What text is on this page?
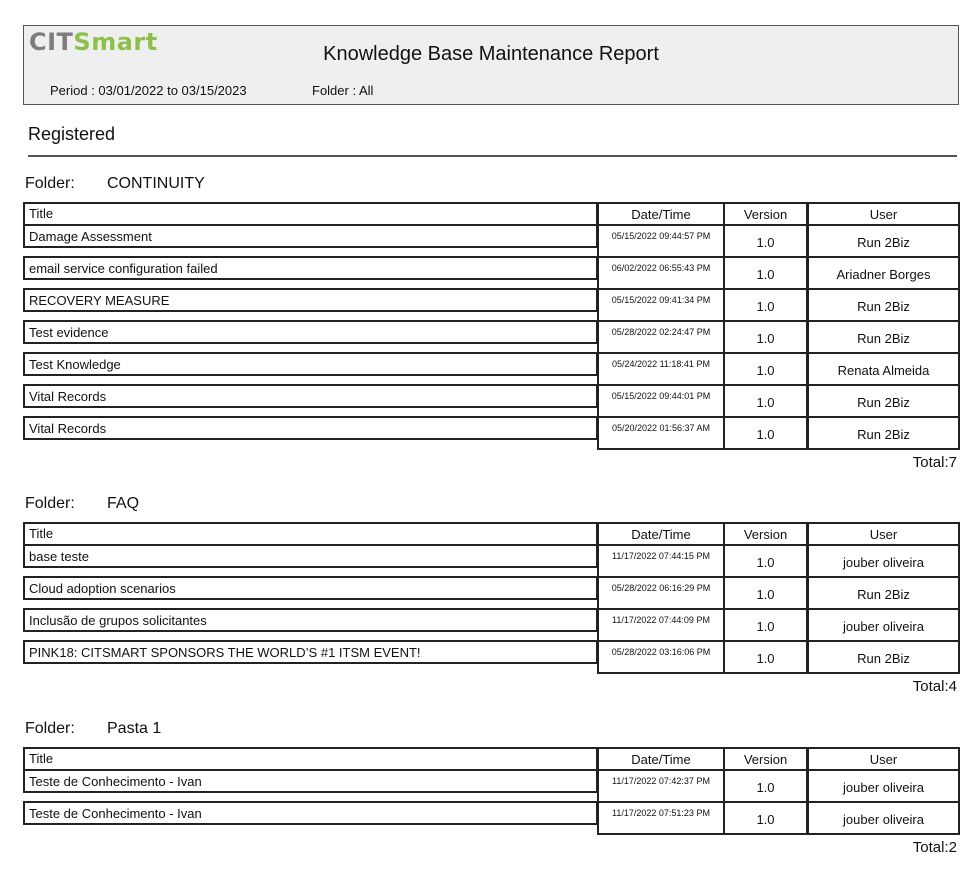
CITSmart	Knowledge Base Maintenance Report
Period : 03/01/2022 to 03/15/2023	Folder : All
Registered
Folder: CONTINUITY
Title	Date/Time	Version	User
Damage Assessment	05/15/2022 09:44:57 PM	1.0	Run 2Biz
email service configuration failed	06/02/2022 06:55:43 PM	1.0	Ariadner Borges
RECOVERY MEASURE	05/15/2022 09:41:34 PM	1.0	Run 2Biz
Test evidence	05/28/2022 02:24:47 PM	1.0	Run 2Biz
Test Knowledge	05/24/2022 11:18:41 PM	1.0	Renata Almeida
Vital Records	05/15/2022 09:44:01 PM	1.0	Run 2Biz
Vital Records	05/20/2022 01:56:37 AM	1.0	Run 2Biz
Total:7
Folder: FAQ
Title	Date/Time	Version	User
base teste	11/17/2022 07:44:15 PM	1.0	jouber oliveira
Cloud adoption scenarios	05/28/2022 06:16:29 PM	1.0	Run 2Biz
Inclusão de grupos solicitantes	11/17/2022 07:44:09 PM	1.0	jouber oliveira
PINK18: CITSMART SPONSORS THE WORLD’S #1 ITSM EVENT!	05/28/2022 03:16:06 PM	1.0	Run 2Biz
Total:4
Folder: Pasta 1
Title	Date/Time	Version	User
Teste de Conhecimento - Ivan	11/17/2022 07:42:37 PM	1.0	jouber oliveira
Teste de Conhecimento - Ivan	11/17/2022 07:51:23 PM	1.0	jouber oliveira
Total:2
